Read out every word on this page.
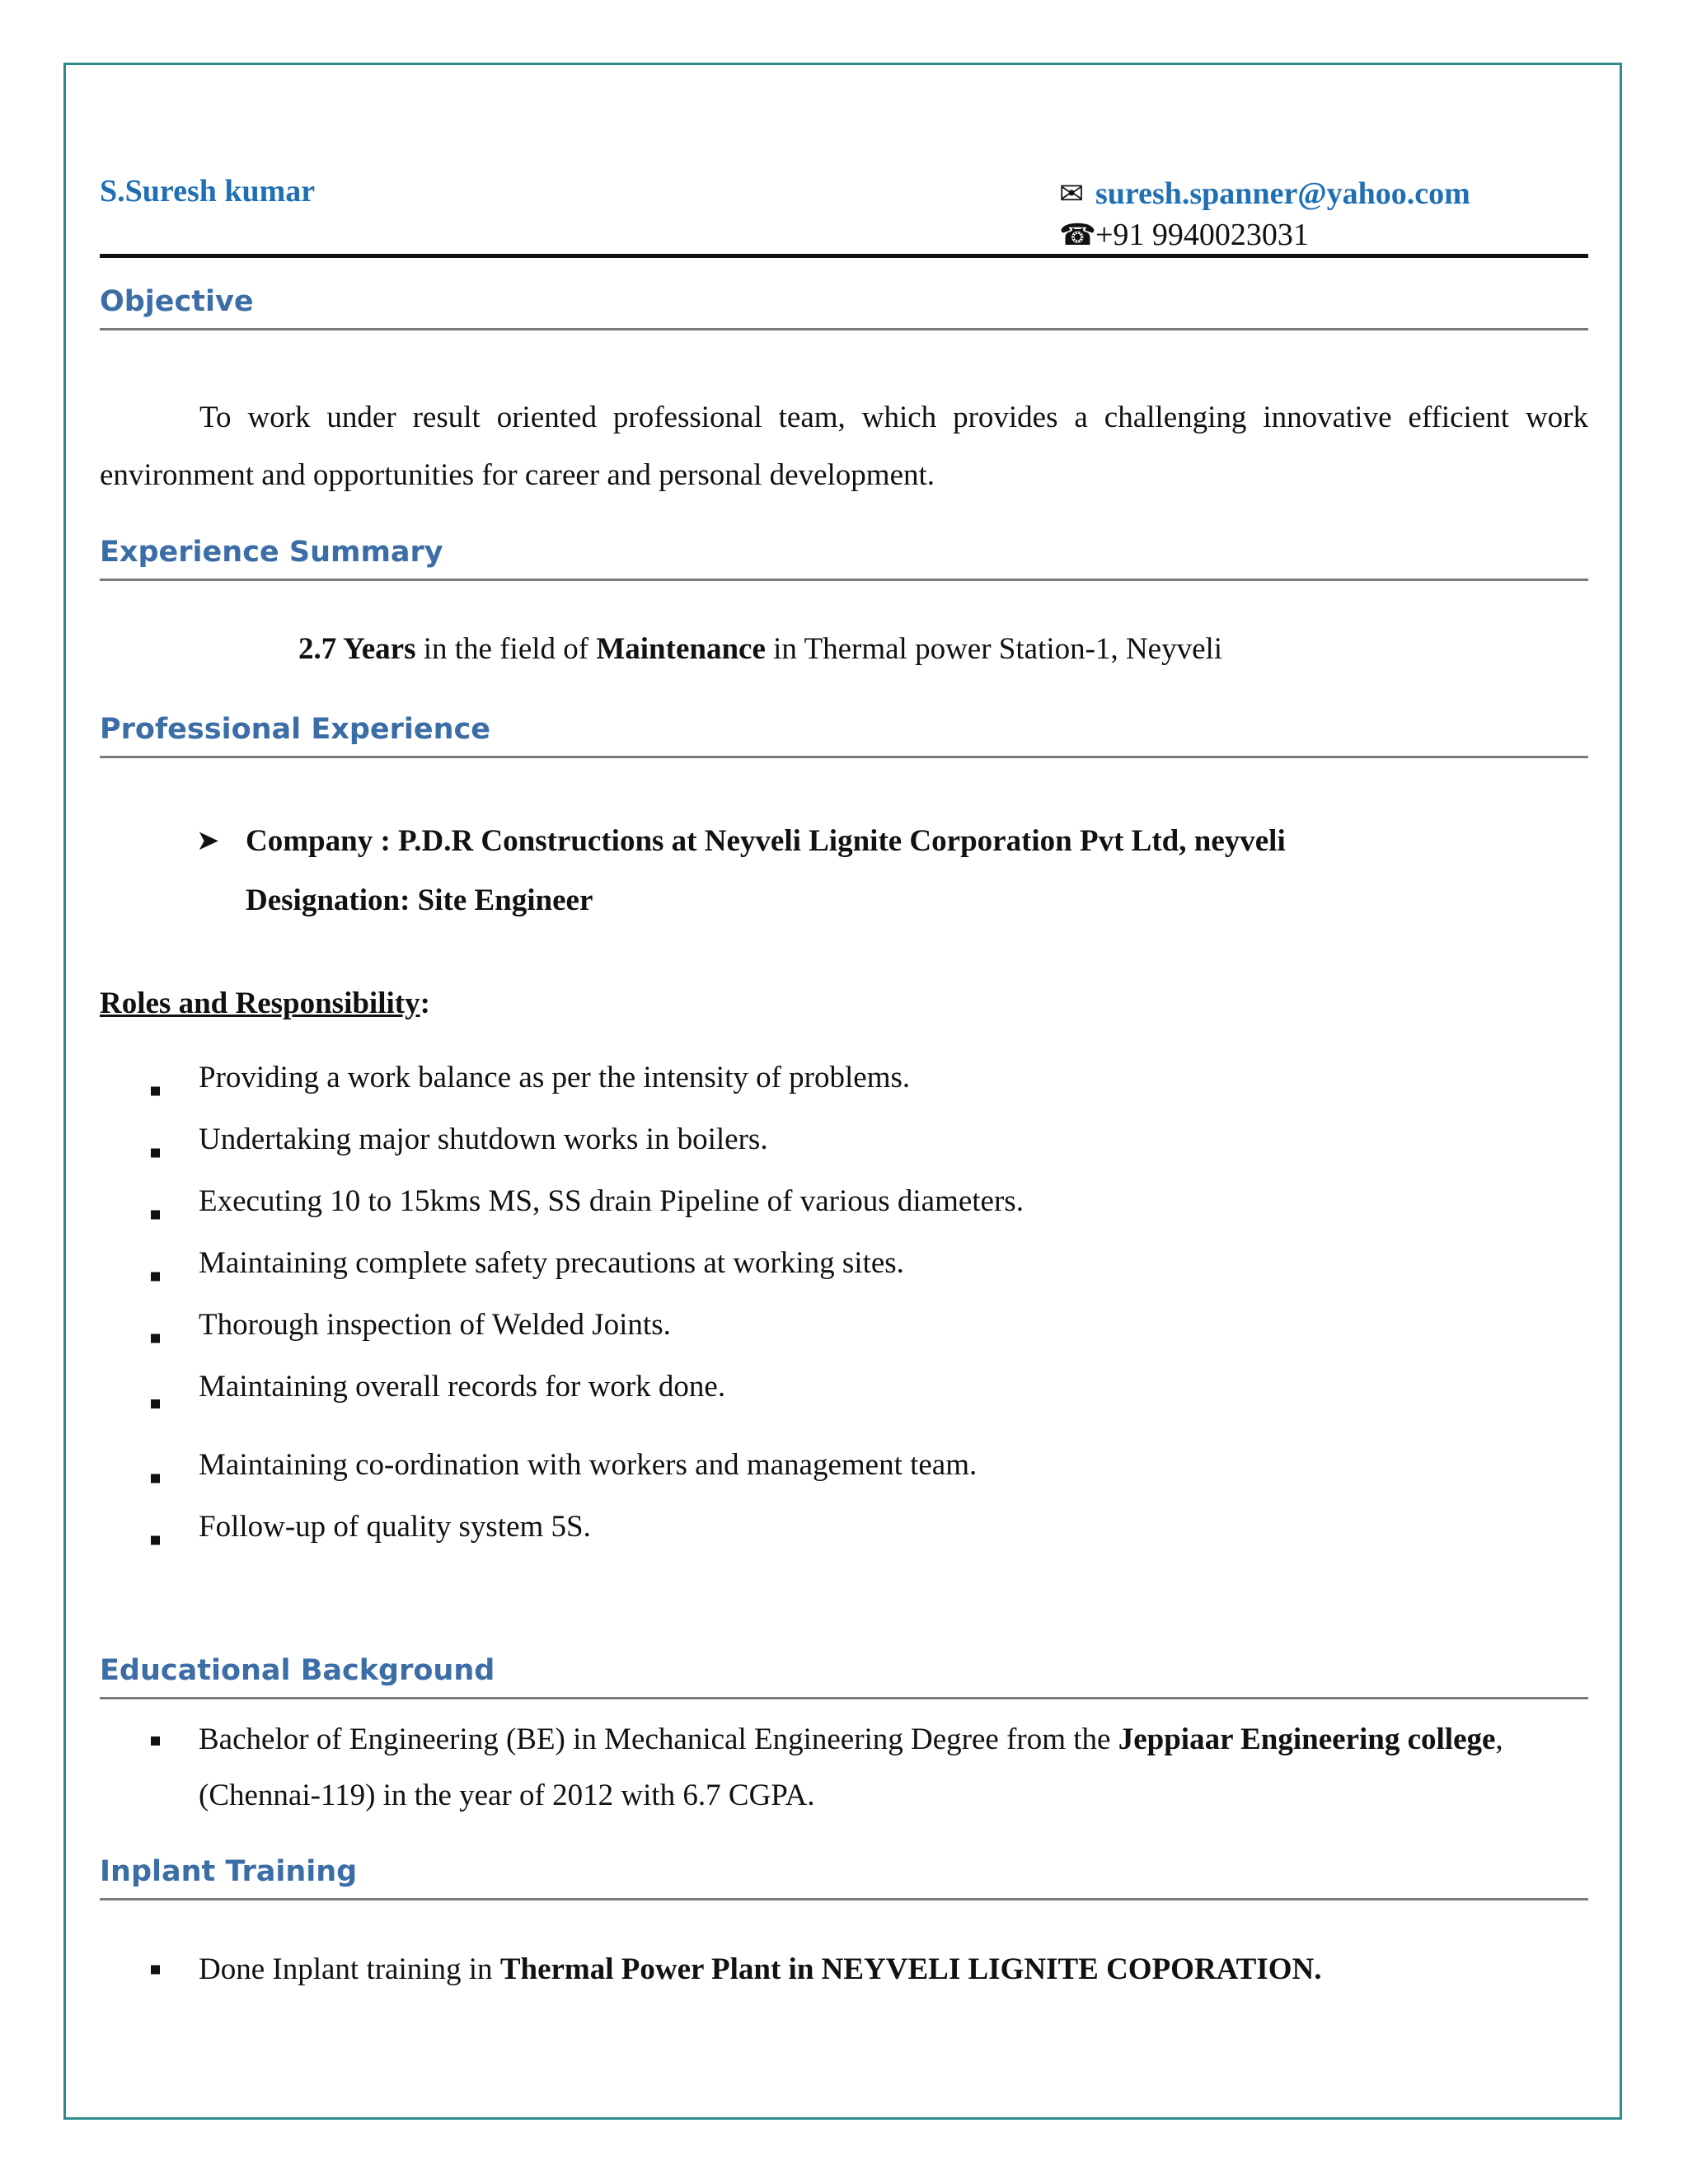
S.Suresh kumar	✉ suresh.spanner@yahoo.com
☎ +91 9940023031
Objective
To work under result oriented professional team, which provides a challenging innovative efficient work environment and opportunities for career and personal development.
Experience Summary
2.7 Years in the field of Maintenance in Thermal power Station-1, Neyveli
Professional Experience
➤ Company : P.D.R Constructions at Neyveli Lignite Corporation Pvt Ltd, neyveli
Designation: Site Engineer
Roles and Responsibility:
Providing a work balance as per the intensity of problems.
Undertaking major shutdown works in boilers.
Executing 10 to 15kms MS, SS drain Pipeline of various diameters.
Maintaining complete safety precautions at working sites.
Thorough inspection of Welded Joints.
Maintaining overall records for work done.
Maintaining co-ordination with workers and management team.
Follow-up of quality system 5S.
Educational Background
Bachelor of Engineering (BE) in Mechanical Engineering Degree from the Jeppiaar Engineering college, (Chennai-119) in the year of 2012 with 6.7 CGPA.
Inplant Training
Done Inplant training in Thermal Power Plant in NEYVELI LIGNITE COPORATION.
